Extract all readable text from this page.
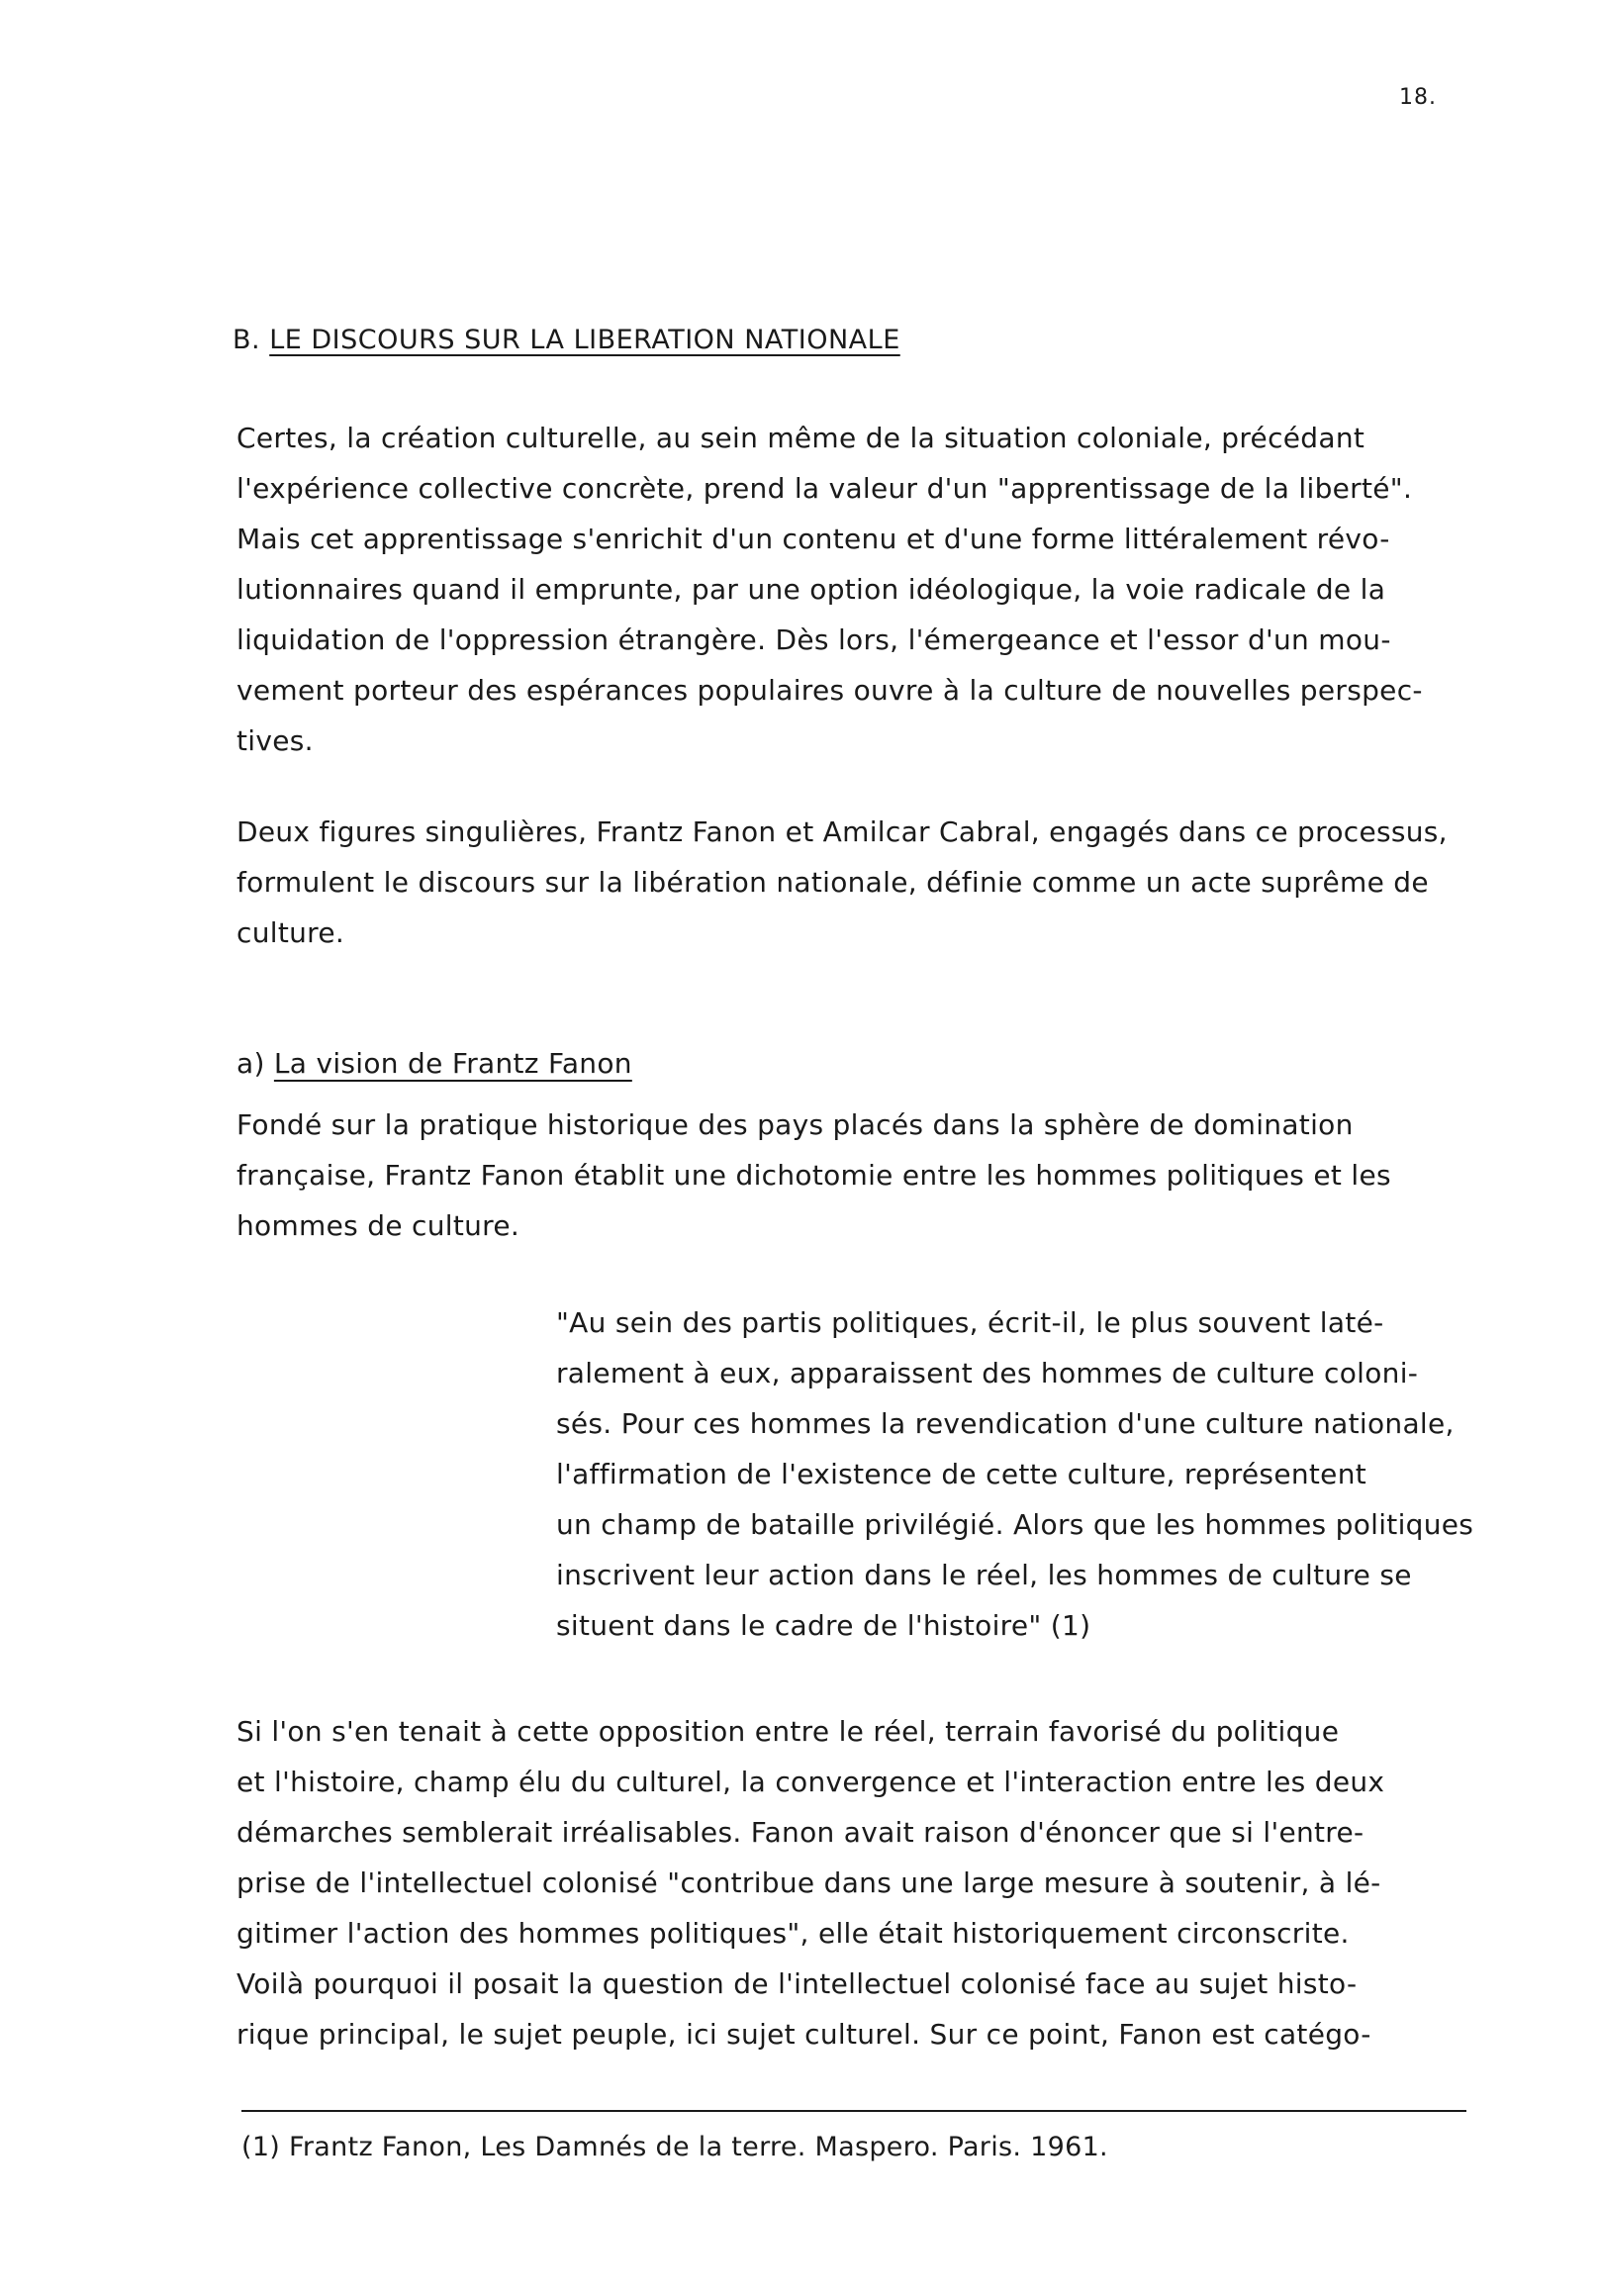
18.
B. LE DISCOURS SUR LA LIBERATION NATIONALE
Certes, la création culturelle, au sein même de la situation coloniale, précédant
l'expérience collective concrète, prend la valeur d'un "apprentissage de la liberté".
Mais cet apprentissage s'enrichit d'un contenu et d'une forme littéralement révo-
lutionnaires quand il emprunte, par une option idéologique, la voie radicale de la
liquidation de l'oppression étrangère. Dès lors, l'émergeance et l'essor d'un mou-
vement porteur des espérances populaires ouvre à la culture de nouvelles perspec-
tives.
Deux figures singulières, Frantz Fanon et Amilcar Cabral, engagés dans ce processus,
formulent le discours sur la libération nationale, définie comme un acte suprême de
culture.
a) La vision de Frantz Fanon
Fondé sur la pratique historique des pays placés dans la sphère de domination
française, Frantz Fanon établit une dichotomie entre les hommes politiques et les
hommes de culture.
"Au sein des partis politiques, écrit-il, le plus souvent laté-
ralement à eux, apparaissent des hommes de culture coloni-
sés. Pour ces hommes la revendication d'une culture nationale,
l'affirmation de l'existence de cette culture, représentent
un champ de bataille privilégié. Alors que les hommes politiques
inscrivent leur action dans le réel, les hommes de culture se
situent dans le cadre de l'histoire" (1)
Si l'on s'en tenait à cette opposition entre le réel, terrain favorisé du politique
et l'histoire, champ élu du culturel, la convergence et l'interaction entre les deux
démarches semblerait irréalisables. Fanon avait raison d'énoncer que si l'entre-
prise de l'intellectuel colonisé "contribue dans une large mesure à soutenir, à lé-
gitimer l'action des hommes politiques", elle était historiquement circonscrite.
Voilà pourquoi il posait la question de l'intellectuel colonisé face au sujet histo-
rique principal, le sujet peuple, ici sujet culturel. Sur ce point, Fanon est catégo-
(1) Frantz Fanon, Les Damnés de la terre. Maspero. Paris. 1961.
